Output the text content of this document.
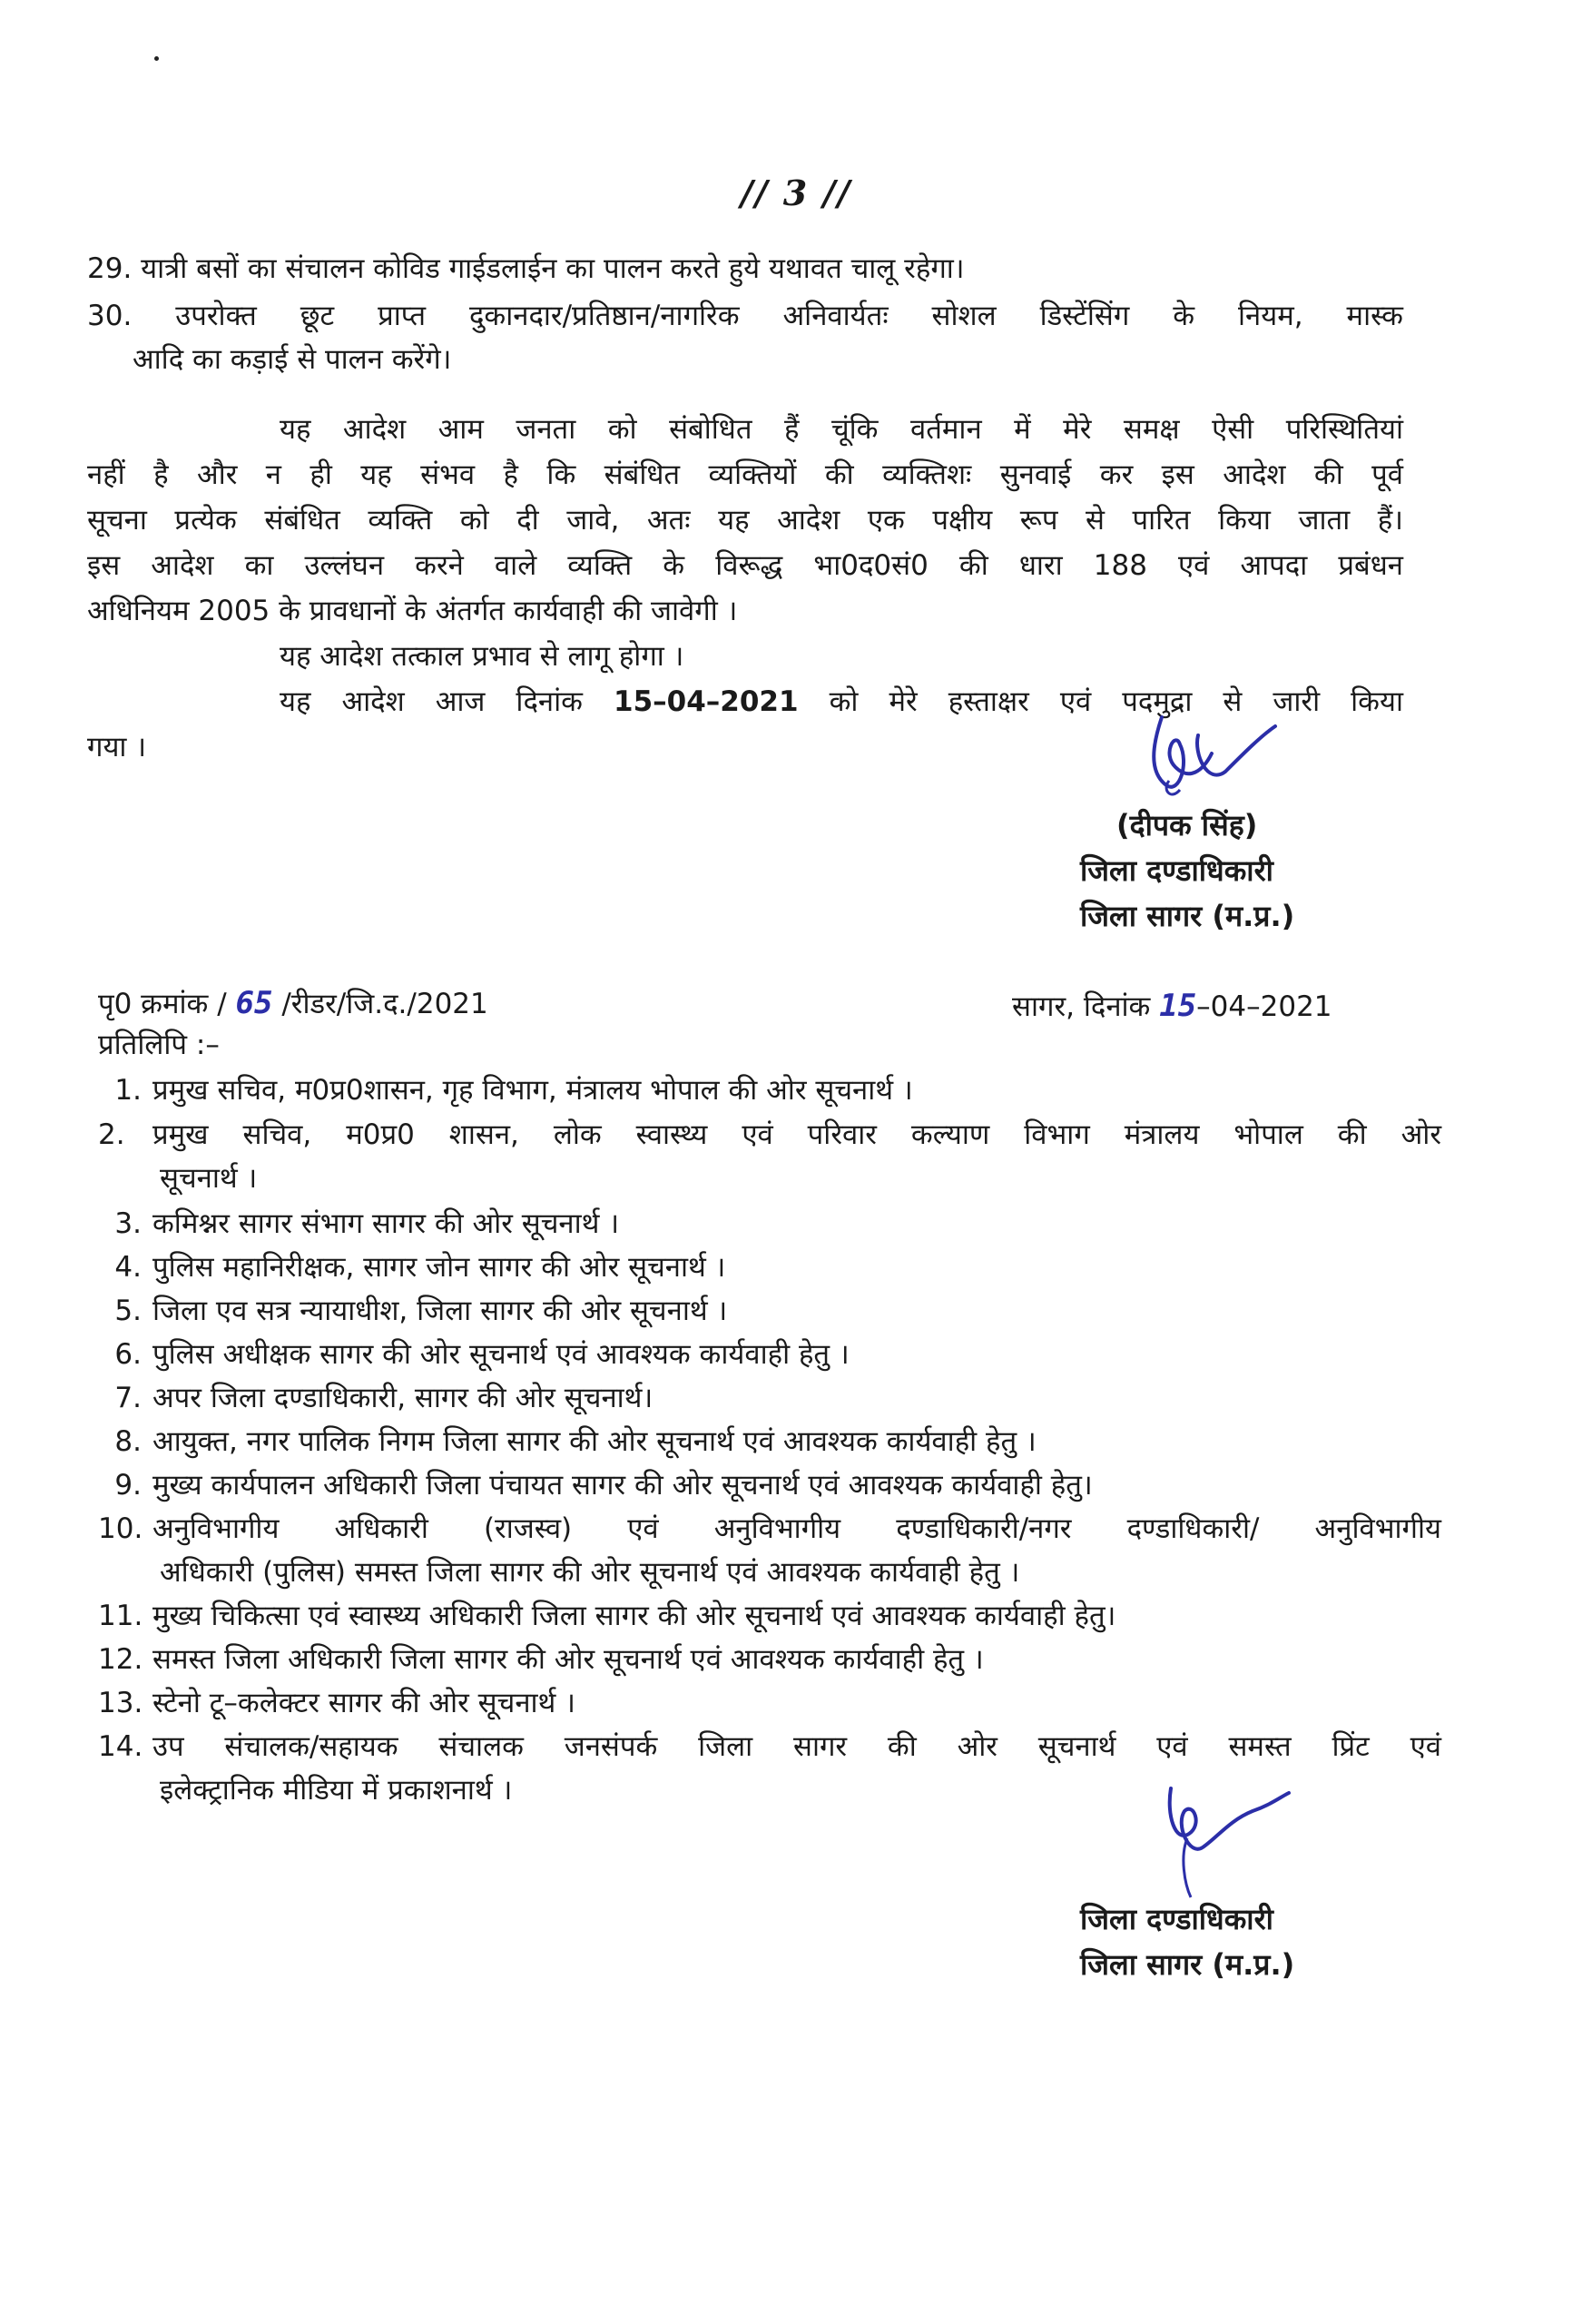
// 3 //
29. यात्री बसों का संचालन कोविड गाईडलाईन का पालन करते हुये यथावत चालू रहेगा।
30. उपरोक्त छूट प्राप्त दुकानदार/प्रतिष्ठान/नागरिक अनिवार्यतः सोशल डिस्टेंसिंग के नियम, मास्क
आदि का कड़ाई से पालन करेंगे।
यह आदेश आम जनता को संबोधित हैं चूंकि वर्तमान में मेरे समक्ष ऐसी परिस्थितियां
नहीं है और न ही यह संभव है कि संबंधित व्यक्तियों की व्यक्तिशः सुनवाई कर इस आदेश की पूर्व
सूचना प्रत्येक संबंधित व्यक्ति को दी जावे, अतः यह आदेश एक पक्षीय रूप से पारित किया जाता हैं।
इस आदेश का उल्लंघन करने वाले व्यक्ति के विरूद्ध भा0द0सं0 की धारा 188 एवं आपदा प्रबंधन
अधिनियम 2005 के प्रावधानों के अंतर्गत कार्यवाही की जावेगी ।
यह आदेश तत्काल प्रभाव से लागू होगा ।
यह आदेश आज दिनांक 15–04–2021 को मेरे हस्ताक्षर एवं पदमुद्रा से जारी किया
गया ।
(दीपक सिंह)
जिला दण्डाधिकारी
जिला सागर (म.प्र.)
पृ0 क्रमांक / 65 /रीडर/जि.द./2021	सागर, दिनांक 15–04–2021
प्रतिलिपि :–
1. प्रमुख सचिव, म0प्र0शासन, गृह विभाग, मंत्रालय भोपाल की ओर सूचनार्थ ।
2. प्रमुख सचिव, म0प्र0 शासन, लोक स्वास्थ्य एवं परिवार कल्याण विभाग मंत्रालय भोपाल की ओर
सूचनार्थ ।
3. कमिश्नर सागर संभाग सागर की ओर सूचनार्थ ।
4. पुलिस महानिरीक्षक, सागर जोन सागर की ओर सूचनार्थ ।
5. जिला एव सत्र न्यायाधीश, जिला सागर की ओर सूचनार्थ ।
6. पुलिस अधीक्षक सागर की ओर सूचनार्थ एवं आवश्यक कार्यवाही हेतु ।
7. अपर जिला दण्डाधिकारी, सागर की ओर सूचनार्थ।
8. आयुक्त, नगर पालिक निगम जिला सागर की ओर सूचनार्थ एवं आवश्यक कार्यवाही हेतु ।
9. मुख्य कार्यपालन अधिकारी जिला पंचायत सागर की ओर सूचनार्थ एवं आवश्यक कार्यवाही हेतु।
10. अनुविभागीय अधिकारी (राजस्व) एवं अनुविभागीय दण्डाधिकारी/नगर दण्डाधिकारी/ अनुविभागीय
अधिकारी (पुलिस) समस्त जिला सागर की ओर सूचनार्थ एवं आवश्यक कार्यवाही हेतु ।
11. मुख्य चिकित्सा एवं स्वास्थ्य अधिकारी जिला सागर की ओर सूचनार्थ एवं आवश्यक कार्यवाही हेतु।
12. समस्त जिला अधिकारी जिला सागर की ओर सूचनार्थ एवं आवश्यक कार्यवाही हेतु ।
13. स्टेनो टू–कलेक्टर सागर की ओर सूचनार्थ ।
14. उप संचालक/सहायक संचालक जनसंपर्क जिला सागर की ओर सूचनार्थ एवं समस्त प्रिंट एवं
इलेक्ट्रानिक मीडिया में प्रकाशनार्थ ।
जिला दण्डाधिकारी
जिला सागर (म.प्र.)
